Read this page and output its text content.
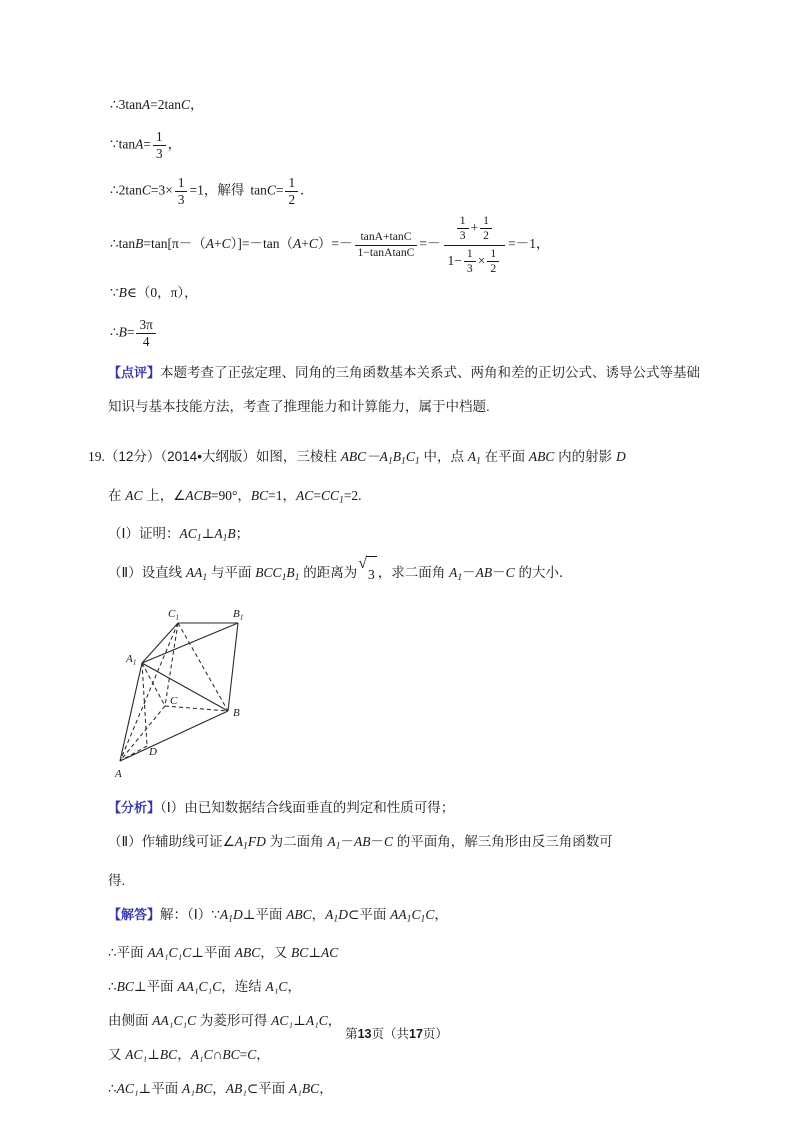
∴3tanA=2tanC，
∵tanA= $\frac{1}{3}$ ，
∴2tanC=3× $\frac{1}{3} =1$，解得 $\tan C= \frac{1}{2}$ ．
∴tanB=tan[π－（A+C）]=－tan（A+C）=－ $\frac{\tan A+\tan C}{\text{1−tanAtanC}} =- \frac{\frac{1}{3} + \frac{1}{2}}{1- \frac{1}{3} \times \frac{1}{2}} =-1$，
∵B∈（0，π），
∴B= $\frac{3\pi}{4}$
【点评】本题考查了正弦定理、同角的三角函数基本关系式、两角和差的正切公式、诱导公式等基础知识与基本技能方法，考查了推理能力和计算能力，属于中档题.
19.（12分）（2014•大纲版）如图，三棱柱 $ABC-A_1B_1C_1$ 中，点 $A_1$ 在平面 ABC 内的射影 D
在 AC 上，∠ACB=90°，BC=1，$AC=CC_1=2$.
（Ⅰ）证明：$AC_1\perp A_1B$；
（Ⅱ）设直线 $AA_1$ 与平面 $BCC_1B_1$ 的距离为
√
3 ，求二面角 $A_1-AB-C$ 的大小．
$C_1$	$B_1$
$A_1$
C
B
D
A
【分析】（Ⅰ）由已知数据结合线面垂直的判定和性质可得；
（Ⅱ）作辅助线可证$\angle A_1FD$ 为二面角 $A_1-AB-C$ 的平面角，解三角形由反三角函数可
得.
【解答】解：$(Ⅰ)\because A_1D\perp$平面 ABC，$A_1D\subset$平面 $AA_1C_1C$，
∴平面 AA₁C₁C⊥平面 ABC，又 BC⊥AC
∴BC⊥平面 AA₁C₁C，连结 A₁C，
由侧面 AA₁C₁C 为菱形可得 AC₁⊥A₁C，
又 AC₁⊥BC，A₁C∩BC=C，
∴AC₁⊥平面 A₁BC，AB₁⊂平面 A₁BC，
第13页（共17页）
